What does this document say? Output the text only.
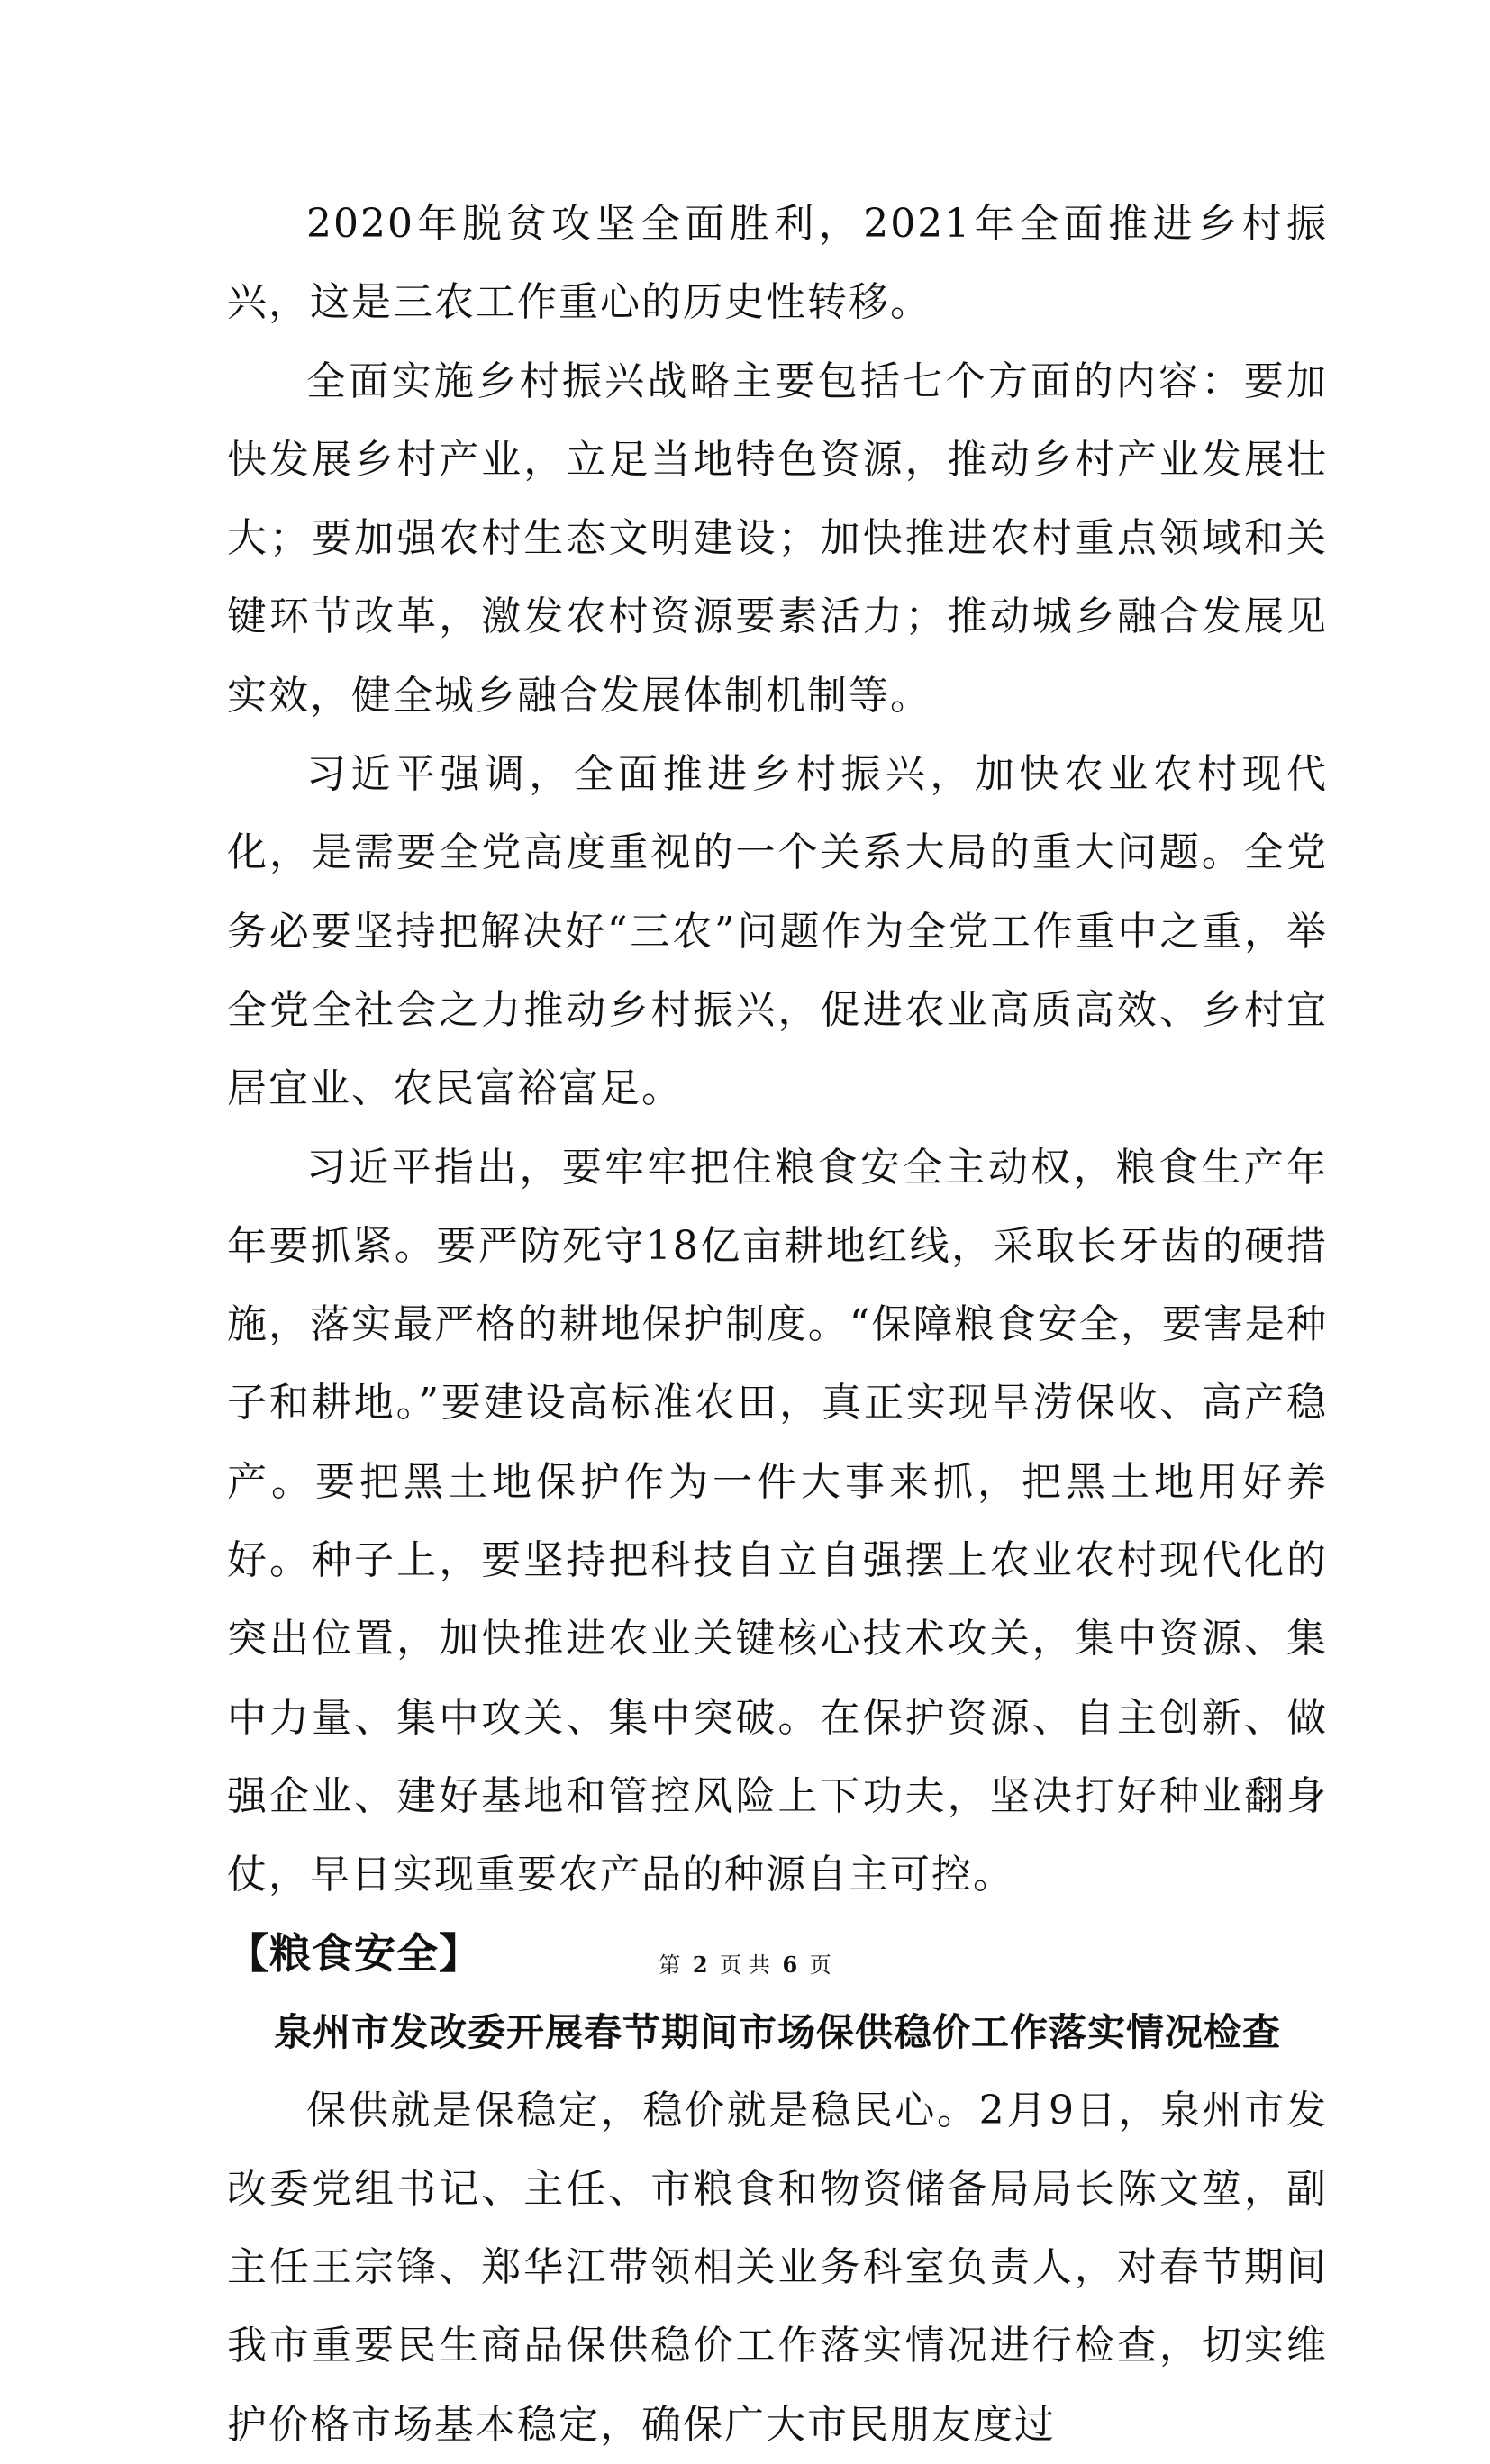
2020年脱贫攻坚全面胜利，2021年全面推进乡村振兴，这是三农工作重心的历史性转移。

全面实施乡村振兴战略主要包括七个方面的内容：要加快发展乡村产业，立足当地特色资源，推动乡村产业发展壮大；要加强农村生态文明建设；加快推进农村重点领域和关键环节改革，激发农村资源要素活力；推动城乡融合发展见实效，健全城乡融合发展体制机制等。

习近平强调，全面推进乡村振兴，加快农业农村现代化，是需要全党高度重视的一个关系大局的重大问题。全党务必要坚持把解决好“三农”问题作为全党工作重中之重，举全党全社会之力推动乡村振兴，促进农业高质高效、乡村宜居宜业、农民富裕富足。

习近平指出，要牢牢把住粮食安全主动权，粮食生产年年要抓紧。要严防死守18亿亩耕地红线，采取长牙齿的硬措施，落实最严格的耕地保护制度。“保障粮食安全，要害是种子和耕地。”要建设高标准农田，真正实现旱涝保收、高产稳产。要把黑土地保护作为一件大事来抓，把黑土地用好养好。种子上，要坚持把科技自立自强摆上农业农村现代化的突出位置，加快推进农业关键核心技术攻关，集中资源、集中力量、集中攻关、集中突破。在保护资源、自主创新、做强企业、建好基地和管控风险上下功夫，坚决打好种业翻身仗，早日实现重要农产品的种源自主可控。

【粮食安全】
泉州市发改委开展春节期间市场保供稳价工作落实情况检查

保供就是保稳定，稳价就是稳民心。2月9日，泉州市发改委党组书记、主任、市粮食和物资储备局局长陈文堃，副主任王宗锋、郑华江带领相关业务科室负责人，对春节期间我市重要民生商品保供稳价工作落实情况进行检查，切实维护价格市场基本稳定，确保广大市民朋友度过

第 2 页 共 6 页
